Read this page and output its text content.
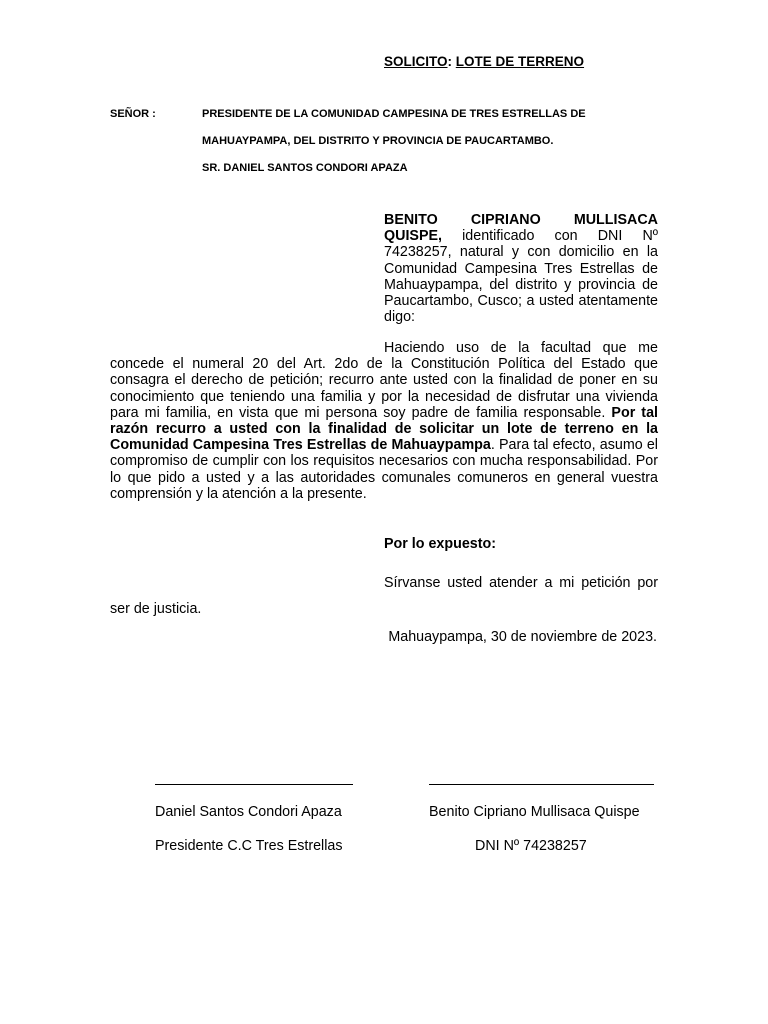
SOLICITO: LOTE DE TERRENO
SEÑOR :	PRESIDENTE DE LA COMUNIDAD CAMPESINA DE TRES ESTRELLAS DE
MAHUAYPAMPA, DEL DISTRITO Y PROVINCIA DE PAUCARTAMBO.
SR. DANIEL SANTOS CONDORI APAZA
BENITO CIPRIANO MULLISACA QUISPE, identificado con DNI Nº 74238257, natural y con domicilio en la Comunidad Campesina Tres Estrellas de Mahuaypampa, del distrito y provincia de Paucartambo, Cusco; a usted atentamente digo:
Haciendo uso de la facultad que me concede el numeral 20 del Art. 2do de la Constitución Política del Estado que consagra el derecho de petición; recurro ante usted con la finalidad de poner en su conocimiento que teniendo una familia y por la necesidad de disfrutar una vivienda para mi familia, en vista que mi persona soy padre de familia responsable. Por tal razón recurro a usted con la finalidad de solicitar un lote de terreno en la Comunidad Campesina Tres Estrellas de Mahuaypampa. Para tal efecto, asumo el compromiso de cumplir con los requisitos necesarios con mucha responsabilidad. Por lo que pido a usted y a las autoridades comunales comuneros en general vuestra comprensión y la atención a la presente.
Por lo expuesto:
Sírvanse usted atender a mi petición por ser de justicia.
Mahuaypampa, 30 de noviembre de 2023.
Daniel Santos Condori Apaza
Presidente C.C Tres Estrellas
Benito Cipriano Mullisaca Quispe
DNI Nº 74238257
